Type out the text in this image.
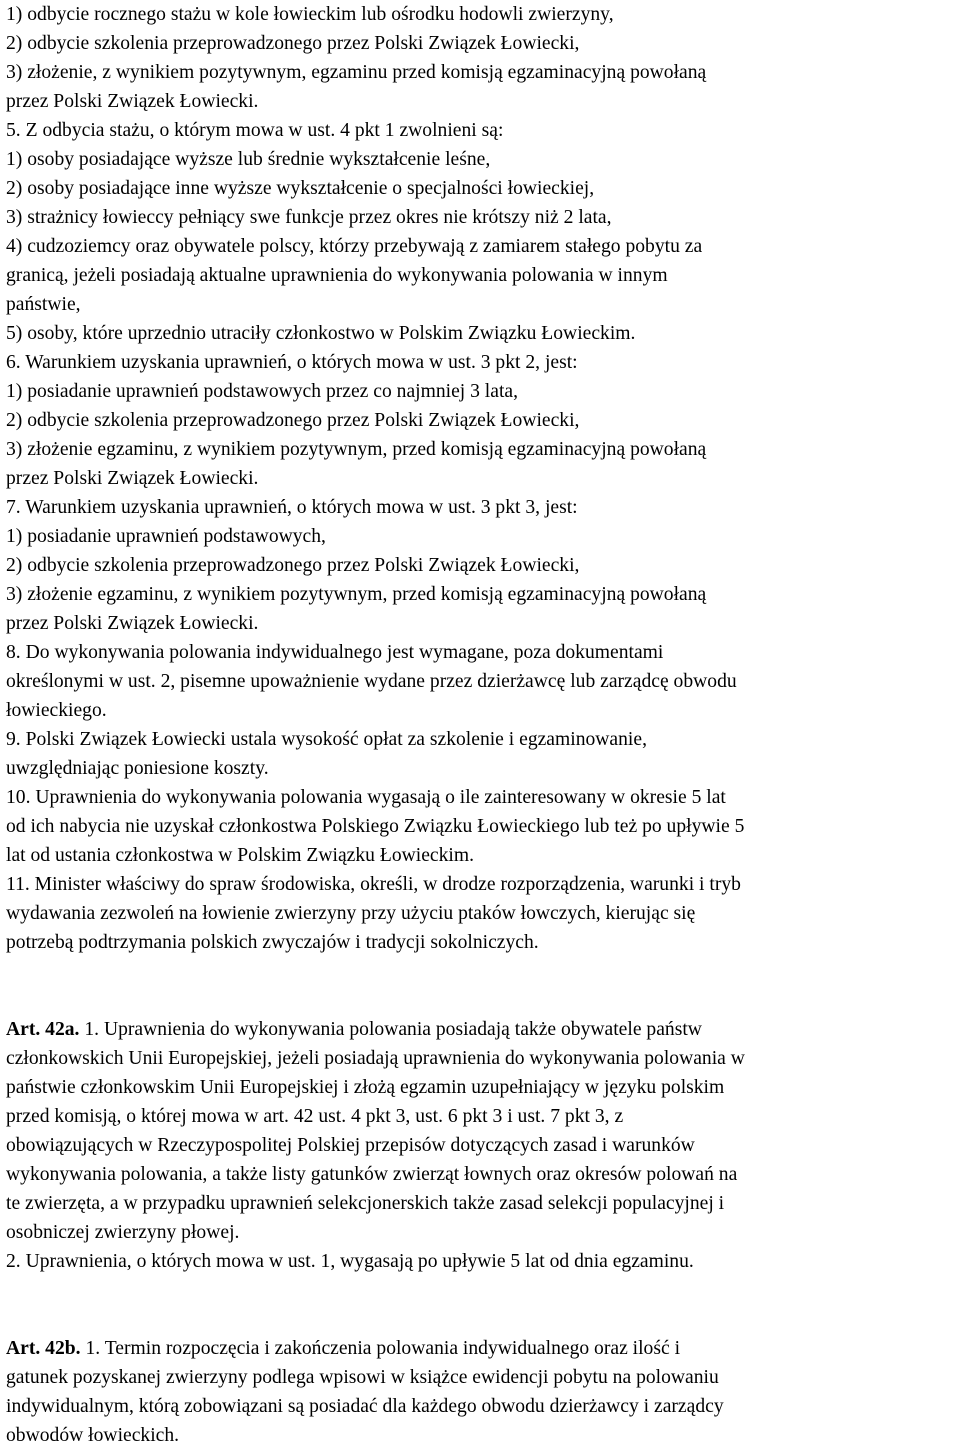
1) odbycie rocznego stażu w kole łowieckim lub ośrodku hodowli zwierzyny,
2) odbycie szkolenia przeprowadzonego przez Polski Związek Łowiecki,
3) złożenie, z wynikiem pozytywnym, egzaminu przed komisją egzaminacyjną powołaną
przez Polski Związek Łowiecki.
5. Z odbycia stażu, o którym mowa w ust. 4 pkt 1 zwolnieni są:
1) osoby posiadające wyższe lub średnie wykształcenie leśne,
2) osoby posiadające inne wyższe wykształcenie o specjalności łowieckiej,
3) strażnicy łowieccy pełniący swe funkcje przez okres nie krótszy niż 2 lata,
4) cudzoziemcy oraz obywatele polscy, którzy przebywają z zamiarem stałego pobytu za
granicą, jeżeli posiadają aktualne uprawnienia do wykonywania polowania w innym
państwie,
5) osoby, które uprzednio utraciły członkostwo w Polskim Związku Łowieckim.
6. Warunkiem uzyskania uprawnień, o których mowa w ust. 3 pkt 2, jest:
1) posiadanie uprawnień podstawowych przez co najmniej 3 lata,
2) odbycie szkolenia przeprowadzonego przez Polski Związek Łowiecki,
3) złożenie egzaminu, z wynikiem pozytywnym, przed komisją egzaminacyjną powołaną
przez Polski Związek Łowiecki.
7. Warunkiem uzyskania uprawnień, o których mowa w ust. 3 pkt 3, jest:
1) posiadanie uprawnień podstawowych,
2) odbycie szkolenia przeprowadzonego przez Polski Związek Łowiecki,
3) złożenie egzaminu, z wynikiem pozytywnym, przed komisją egzaminacyjną powołaną
przez Polski Związek Łowiecki.
8. Do wykonywania polowania indywidualnego jest wymagane, poza dokumentami
określonymi w ust. 2, pisemne upoważnienie wydane przez dzierżawcę lub zarządcę obwodu
łowieckiego.
9. Polski Związek Łowiecki ustala wysokość opłat za szkolenie i egzaminowanie,
uwzględniając poniesione koszty.
10. Uprawnienia do wykonywania polowania wygasają o ile zainteresowany w okresie 5 lat
od ich nabycia nie uzyskał członkostwa Polskiego Związku Łowieckiego lub też po upływie 5
lat od ustania członkostwa w Polskim Związku Łowieckim.
11. Minister właściwy do spraw środowiska, określi, w drodze rozporządzenia, warunki i tryb
wydawania zezwoleń na łowienie zwierzyny przy użyciu ptaków łowczych, kierując się
potrzebą podtrzymania polskich zwyczajów i tradycji sokolniczych.
Art. 42a. 1. Uprawnienia do wykonywania polowania posiadają także obywatele państw
członkowskich Unii Europejskiej, jeżeli posiadają uprawnienia do wykonywania polowania w
państwie członkowskim Unii Europejskiej i złożą egzamin uzupełniający w języku polskim
przed komisją, o której mowa w art. 42 ust. 4 pkt 3, ust. 6 pkt 3 i ust. 7 pkt 3, z
obowiązujących w Rzeczypospolitej Polskiej przepisów dotyczących zasad i warunków
wykonywania polowania, a także listy gatunków zwierząt łownych oraz okresów polowań na
te zwierzęta, a w przypadku uprawnień selekcjonerskich także zasad selekcji populacyjnej i
osobniczej zwierzyny płowej.
2. Uprawnienia, o których mowa w ust. 1, wygasają po upływie 5 lat od dnia egzaminu.
Art. 42b. 1. Termin rozpoczęcia i zakończenia polowania indywidualnego oraz ilość i
gatunek pozyskanej zwierzyny podlega wpisowi w książce ewidencji pobytu na polowaniu
indywidualnym, którą zobowiązani są posiadać dla każdego obwodu dzierżawcy i zarządcy
obwodów łowieckich.
